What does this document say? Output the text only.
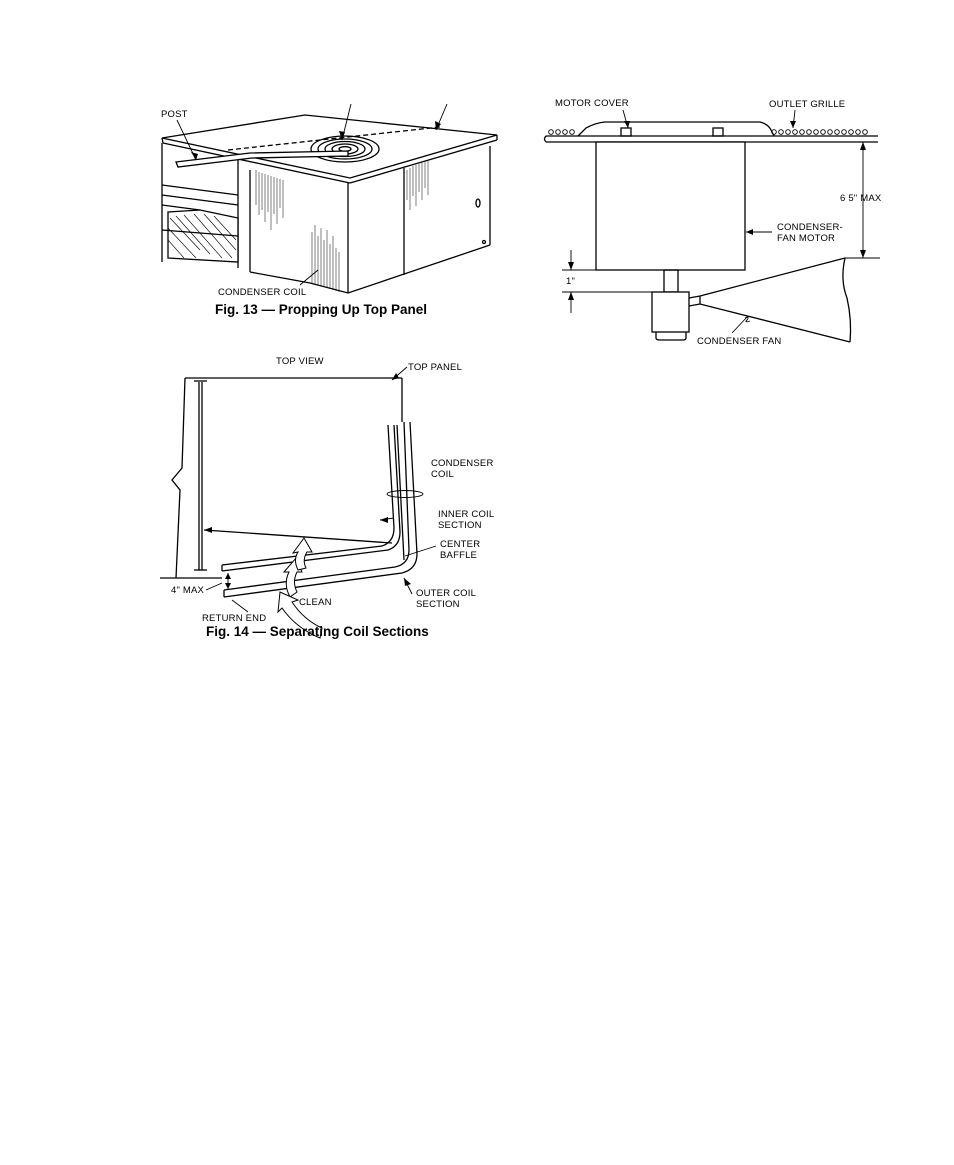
POST
CONDENSER COIL
Fig. 13 — Propping Up Top Panel
TOP VIEW
TOP PANEL
CONDENSER
COIL
INNER COIL
SECTION
CENTER
BAFFLE
OUTER COIL
SECTION
4" MAX
CLEAN
RETURN END
Fig. 14 — Separating Coil Sections
MOTOR COVER	OUTLET GRILLE
6 5" MAX
CONDENSER-
FAN MOTOR
1"
CONDENSER FAN
